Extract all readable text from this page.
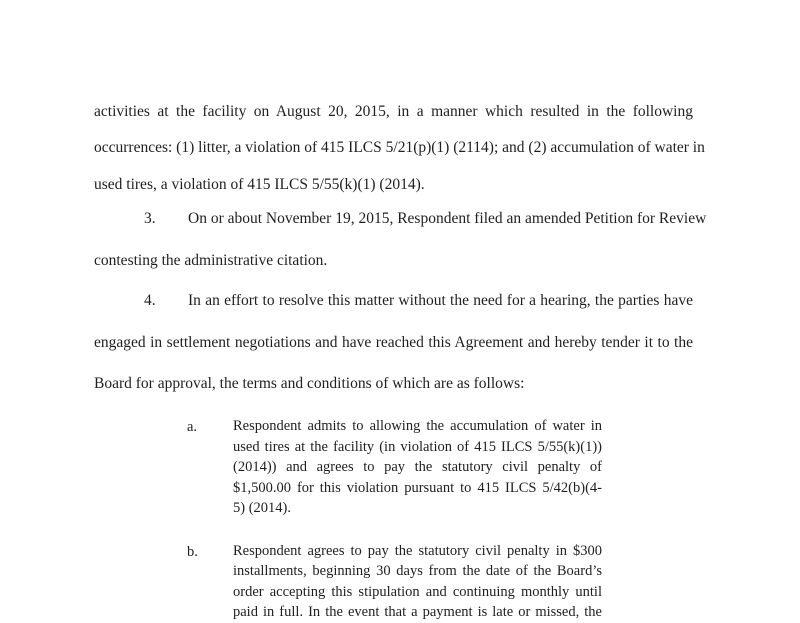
activities at the facility on August 20, 2015, in a manner which resulted in the following
occurrences: (1) litter, a violation of 415 ILCS 5/21(p)(1) (2114); and (2) accumulation of water in
used tires, a violation of 415 ILCS 5/55(k)(1) (2014).
3. On or about November 19, 2015, Respondent filed an amended Petition for Review
contesting the administrative citation.
4. In an effort to resolve this matter without the need for a hearing, the parties have
engaged in settlement negotiations and have reached this Agreement and hereby tender it to the
Board for approval, the terms and conditions of which are as follows:
a. Respondent admits to allowing the accumulation of water in
used tires at the facility (in violation of 415 ILCS 5/55(k)(1))
(2014)) and agrees to pay the statutory civil penalty of
$1,500.00 for this violation pursuant to 415 ILCS 5/42(b)(4-
5) (2014).
b. Respondent agrees to pay the statutory civil penalty in $300
installments, beginning 30 days from the date of the Board’s
order accepting this stipulation and continuing monthly until
paid in full. In the event that a payment is late or missed, the
